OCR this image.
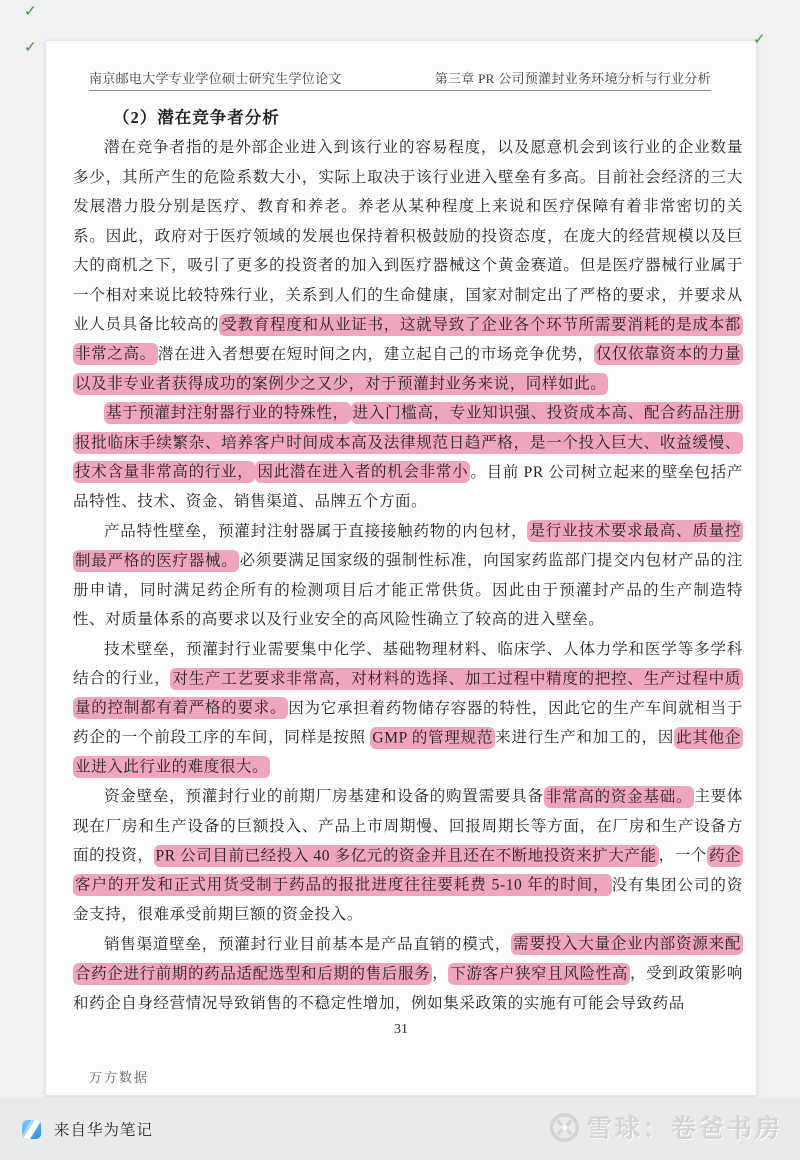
南京邮电大学专业学位硕士研究生学位论文	第三章 PR 公司预灌封业务环境分析与行业分析
（2）潜在竞争者分析

潜在竞争者指的是外部企业进入到该行业的容易程度，以及愿意机会到该行业的企业数量多少，其所产生的危险系数大小，实际上取决于该行业进入壁垒有多高。目前社会经济的三大发展潜力股分别是医疗、教育和养老。养老从某种程度上来说和医疗保障有着非常密切的关系。因此，政府对于医疗领域的发展也保持着积极鼓励的投资态度，在庞大的经营规模以及巨大的商机之下，吸引了更多的投资者的加入到医疗器械这个黄金赛道。但是医疗器械行业属于一个相对来说比较特殊行业，关系到人们的生命健康，国家对制定出了严格的要求，并要求从业人员具备比较高的 受教育程度和从业证书，这就导致了企业各个环节所需要消耗的是成本都非常之高。 潜在进入者想要在短时间之内，建立起自己的市场竞争优势， 仅仅依靠资本的力量以及非专业者获得成功的案例少之又少，对于预灌封业务来说，同样如此。

基于预灌封注射器行业的特殊性， 进入门槛高，专业知识强、投资成本高、配合药品注册报批临床手续繁杂、培养客户时间成本高及法律规范日趋严格，是一个投入巨大、收益缓慢、技术含量非常高的行业， 因此潜在进入者的机会非常小 。目前 PR 公司树立起来的壁垒包括产品特性、技术、资金、销售渠道、品牌五个方面。

产品特性壁垒，预灌封注射器属于直接接触药物的内包材， 是行业技术要求最高、质量控制最严格的医疗器械。 必须要满足国家级的强制性标准，向国家药监部门提交内包材产品的注册申请，同时满足药企所有的检测项目后才能正常供货。因此由于预灌封产品的生产制造特性、对质量体系的高要求以及行业安全的高风险性确立了较高的进入壁垒。

技术壁垒，预灌封行业需要集中化学、基础物理材料、临床学、人体力学和医学等多学科结合的行业， 对生产工艺要求非常高，对材料的选择、加工过程中精度的把控、生产过程中质量的控制都有着严格的要求。 因为它承担着药物储存容器的特性，因此它的生产车间就相当于药企的一个前段工序的车间，同样是按照 GMP 的管理规范 来进行生产和加工的，因 此其他企业进入此行业的难度很大。

资金壁垒，预灌封行业的前期厂房基建和设备的购置需要具备 非常高的资金基础。 主要体现在厂房和生产设备的巨额投入、产品上市周期慢、回报周期长等方面，在厂房和生产设备方面的投资， PR 公司目前已经投入 40 多亿元的资金并且还在不断地投资来扩大产能 ，一个 药企客户的开发和正式用货受制于药品的报批进度往往要耗费 5-10 年的时间， 没有集团公司的资金支持，很难承受前期巨额的资金投入。

销售渠道壁垒，预灌封行业目前基本是产品直销的模式， 需要投入大量企业内部资源来配合药企进行前期的药品适配选型和后期的售后服务 ， 下游客户狭窄且风险性高 ，受到政策影响和药企自身经营情况导致销售的不稳定性增加，例如集采政策的实施有可能会导致药品

31
万方数据
✓
✓	✓
来自华为笔记	雪球：卷爸书房
